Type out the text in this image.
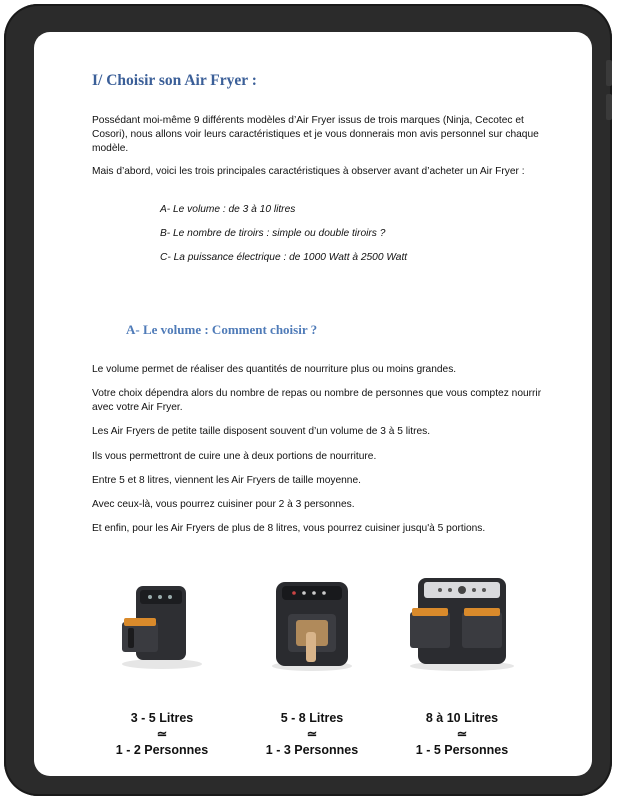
I/ Choisir son Air Fryer :

Possédant moi-même 9 différents modèles d’Air Fryer issus de trois marques (Ninja, Cecotec et Cosori), nous allons voir leurs caractéristiques et je vous donnerais mon avis personnel sur chaque modèle.

Mais d’abord, voici les trois principales caractéristiques à observer avant d’acheter un Air Fryer :

A- Le volume : de 3 à 10 litres
B- Le nombre de tiroirs : simple ou double tiroirs ?
C- La puissance électrique : de 1000 Watt à 2500 Watt
A- Le volume : Comment choisir ?

Le volume permet de réaliser des quantités de nourriture plus ou moins grandes.

Votre choix dépendra alors du nombre de repas ou nombre de personnes que vous comptez nourrir avec votre Air Fryer.

Les Air Fryers de petite taille disposent souvent d’un volume de 3 à 5 litres.

Ils vous permettront de cuire une à deux portions de nourriture.

Entre 5 et 8 litres, viennent les Air Fryers de taille moyenne.

Avec ceux-là, vous pourrez cuisiner pour 2 à 3 personnes.

Et enfin, pour les Air Fryers de plus de 8 litres, vous pourrez cuisiner jusqu'à 5 portions.

3 - 5 Litres
≃
1 - 2 Personnes
5 - 8 Litres
≃
1 - 3 Personnes
8 à 10 Litres
≃
1 - 5 Personnes
